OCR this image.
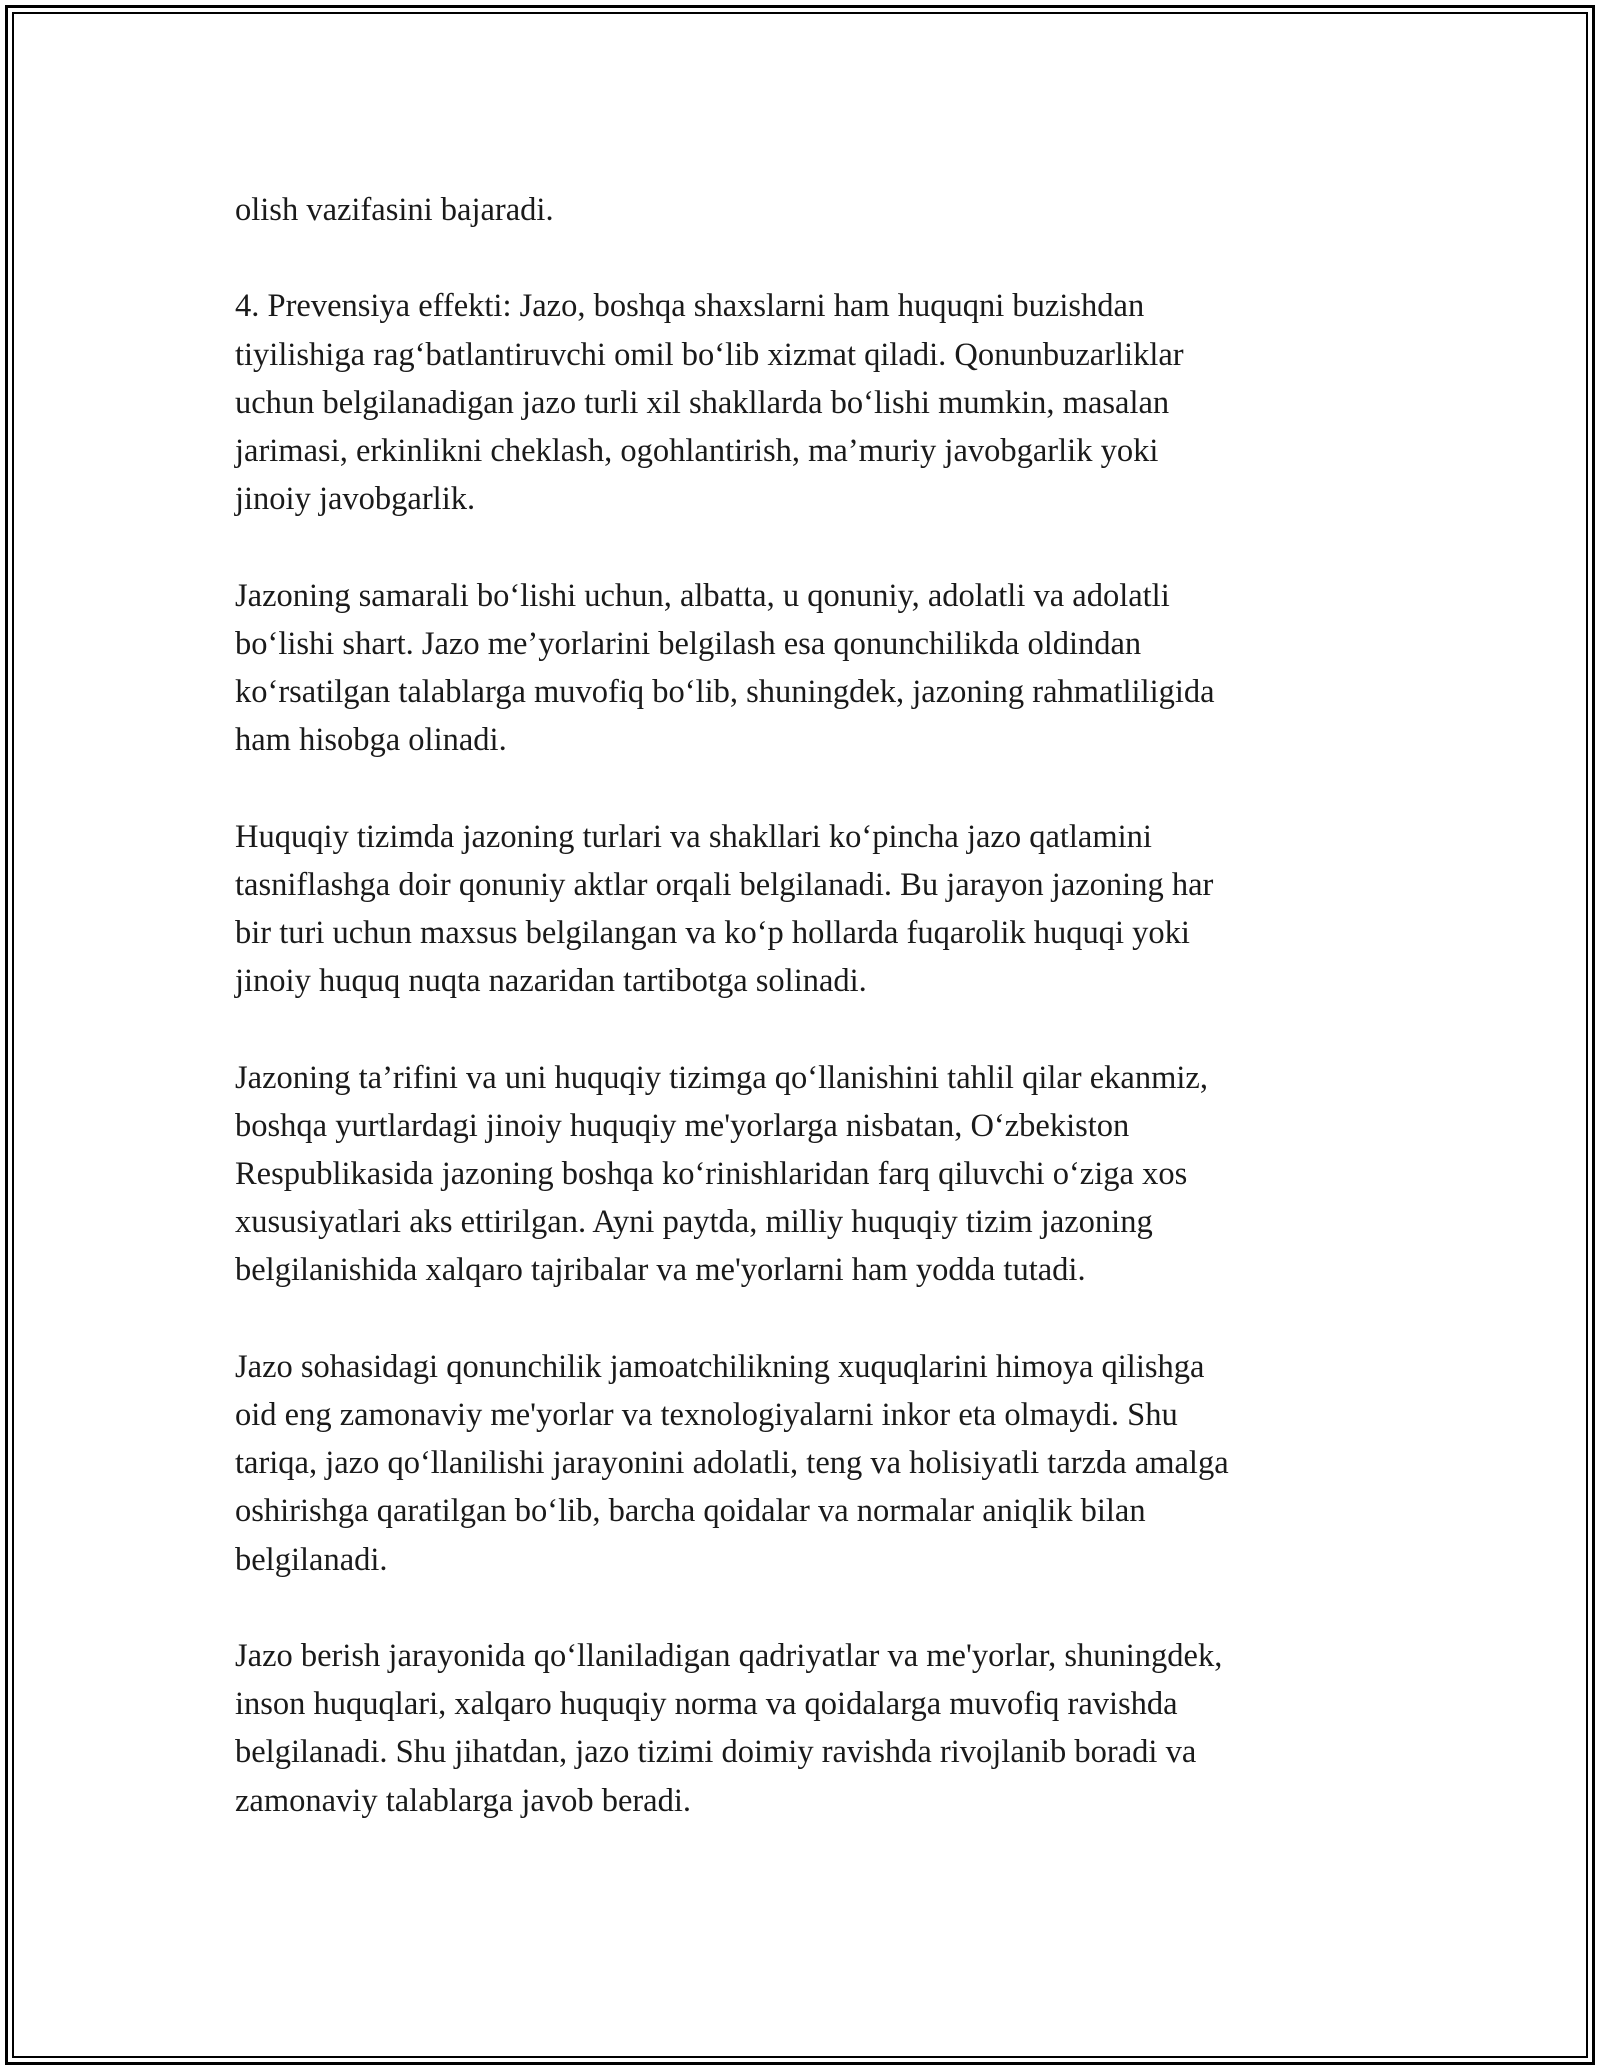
olish vazifasini bajaradi.

4. Prevensiya effekti: Jazo, boshqa shaxslarni ham huquqni buzishdan
tiyilishiga rag‘batlantiruvchi omil bo‘lib xizmat qiladi. Qonunbuzarliklar
uchun belgilanadigan jazo turli xil shakllarda bo‘lishi mumkin, masalan
jarimasi, erkinlikni cheklash, ogohlantirish, ma’muriy javobgarlik yoki
jinoiy javobgarlik.

Jazoning samarali bo‘lishi uchun, albatta, u qonuniy, adolatli va adolatli
bo‘lishi shart. Jazo me’yorlarini belgilash esa qonunchilikda oldindan
ko‘rsatilgan talablarga muvofiq bo‘lib, shuningdek, jazoning rahmatliligida
ham hisobga olinadi.

Huquqiy tizimda jazoning turlari va shakllari ko‘pincha jazo qatlamini
tasniflashga doir qonuniy aktlar orqali belgilanadi. Bu jarayon jazoning har
bir turi uchun maxsus belgilangan va ko‘p hollarda fuqarolik huquqi yoki
jinoiy huquq nuqta nazaridan tartibotga solinadi.

Jazoning ta’rifini va uni huquqiy tizimga qo‘llanishini tahlil qilar ekanmiz,
boshqa yurtlardagi jinoiy huquqiy me'yorlarga nisbatan, O‘zbekiston
Respublikasida jazoning boshqa ko‘rinishlaridan farq qiluvchi o‘ziga xos
xususiyatlari aks ettirilgan. Ayni paytda, milliy huquqiy tizim jazoning
belgilanishida xalqaro tajribalar va me'yorlarni ham yodda tutadi.

Jazo sohasidagi qonunchilik jamoatchilikning xuquqlarini himoya qilishga
oid eng zamonaviy me'yorlar va texnologiyalarni inkor eta olmaydi. Shu
tariqa, jazo qo‘llanilishi jarayonini adolatli, teng va holisiyatli tarzda amalga
oshirishga qaratilgan bo‘lib, barcha qoidalar va normalar aniqlik bilan
belgilanadi.

Jazo berish jarayonida qo‘llaniladigan qadriyatlar va me'yorlar, shuningdek,
inson huquqlari, xalqaro huquqiy norma va qoidalarga muvofiq ravishda
belgilanadi. Shu jihatdan, jazo tizimi doimiy ravishda rivojlanib boradi va
zamonaviy talablarga javob beradi.
